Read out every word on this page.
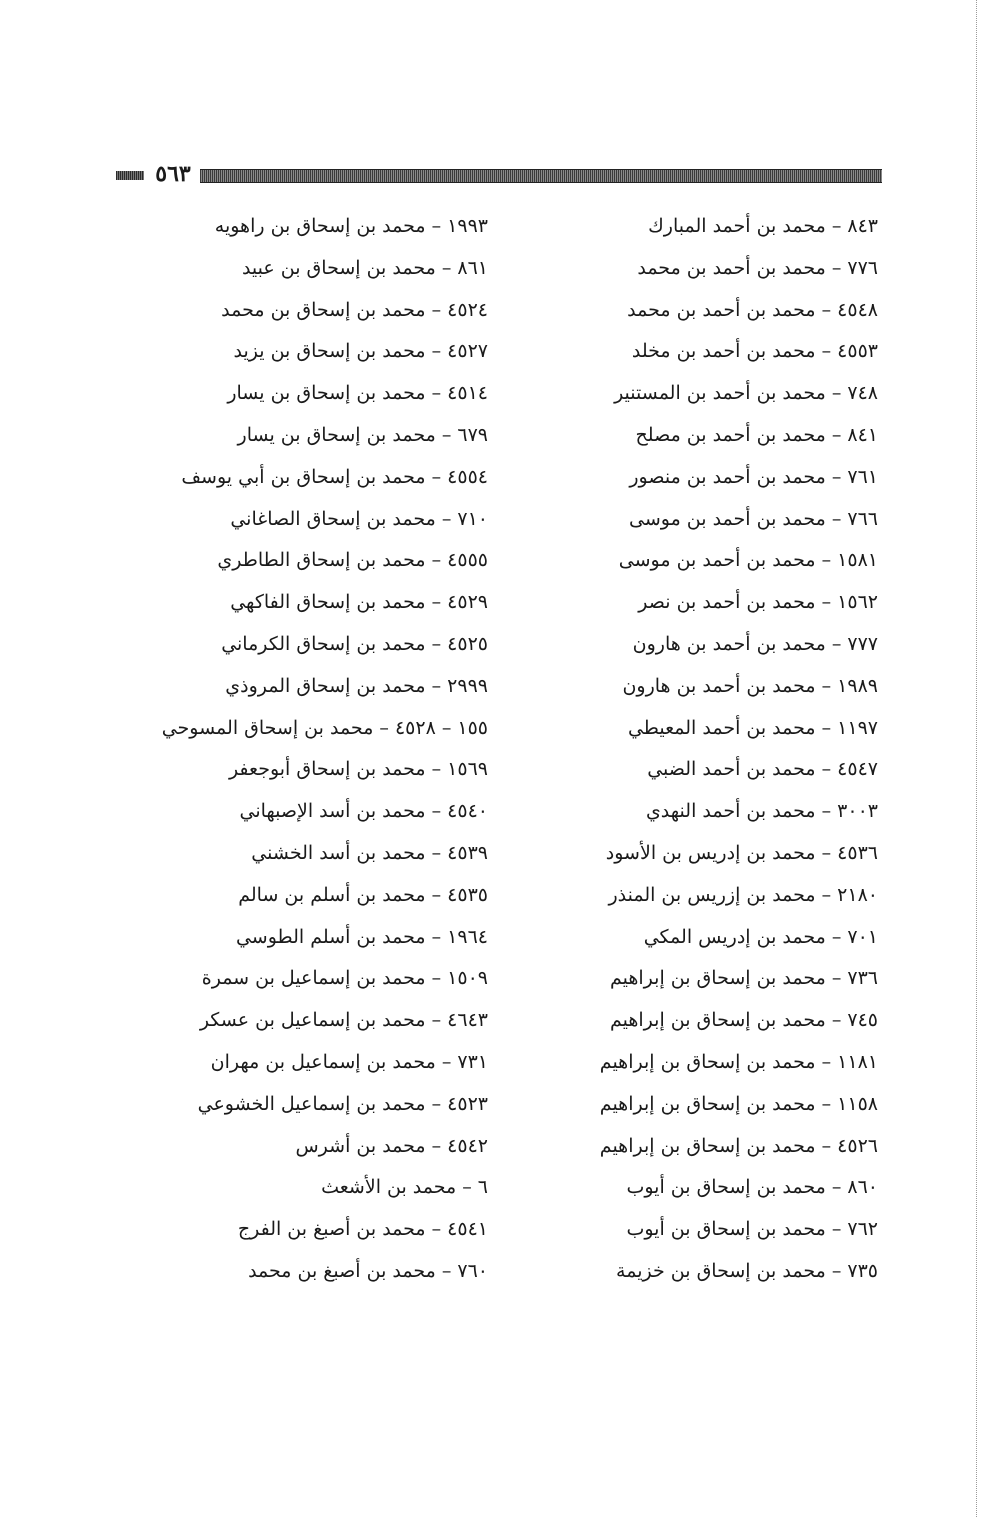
٥٦٣
٨٤٣ – محمد بن أحمد المبارك
٧٧٦ – محمد بن أحمد بن محمد
٤٥٤٨ – محمد بن أحمد بن محمد
٤٥٥٣ – محمد بن أحمد بن مخلد
٧٤٨ – محمد بن أحمد بن المستنير
٨٤١ – محمد بن أحمد بن مصلح
٧٦١ – محمد بن أحمد بن منصور
٧٦٦ – محمد بن أحمد بن موسى
١٥٨١ – محمد بن أحمد بن موسى
١٥٦٢ – محمد بن أحمد بن نصر
٧٧٧ – محمد بن أحمد بن هارون
١٩٨٩ – محمد بن أحمد بن هارون
١١٩٧ – محمد بن أحمد المعيطي
٤٥٤٧ – محمد بن أحمد الضبي
٣٠٠٣ – محمد بن أحمد النهدي
٤٥٣٦ – محمد بن إدريس بن الأسود
٢١٨٠ – محمد بن إزريس بن المنذر
٧٠١ – محمد بن إدريس المكي
٧٣٦ – محمد بن إسحاق بن إبراهيم
٧٤٥ – محمد بن إسحاق بن إبراهيم
١١٨١ – محمد بن إسحاق بن إبراهيم
١١٥٨ – محمد بن إسحاق بن إبراهيم
٤٥٢٦ – محمد بن إسحاق بن إبراهيم
٨٦٠ – محمد بن إسحاق بن أيوب
٧٦٢ – محمد بن إسحاق بن أيوب
٧٣٥ – محمد بن إسحاق بن خزيمة
١٩٩٣ – محمد بن إسحاق بن راهويه
٨٦١ – محمد بن إسحاق بن عبيد
٤٥٢٤ – محمد بن إسحاق بن محمد
٤٥٢٧ – محمد بن إسحاق بن يزيد
٤٥١٤ – محمد بن إسحاق بن يسار
٦٧٩ – محمد بن إسحاق بن يسار
٤٥٥٤ – محمد بن إسحاق بن أبي يوسف
٧١٠ – محمد بن إسحاق الصاغاني
٤٥٥٥ – محمد بن إسحاق الطاطري
٤٥٢٩ – محمد بن إسحاق الفاكهي
٤٥٢٥ – محمد بن إسحاق الكرماني
٢٩٩٩ – محمد بن إسحاق المروذي
١٥٥ – ٤٥٢٨ – محمد بن إسحاق المسوحي
١٥٦٩ – محمد بن إسحاق أبوجعفر
٤٥٤٠ – محمد بن أسد الإصبهاني
٤٥٣٩ – محمد بن أسد الخشني
٤٥٣٥ – محمد بن أسلم بن سالم
١٩٦٤ – محمد بن أسلم الطوسي
١٥٠٩ – محمد بن إسماعيل بن سمرة
٤٦٤٣ – محمد بن إسماعيل بن عسكر
٧٣١ – محمد بن إسماعيل بن مهران
٤٥٢٣ – محمد بن إسماعيل الخشوعي
٤٥٤٢ – محمد بن أشرس
٦ – محمد بن الأشعث
٤٥٤١ – محمد بن أصبغ بن الفرج
٧٦٠ – محمد بن أصبغ بن محمد
